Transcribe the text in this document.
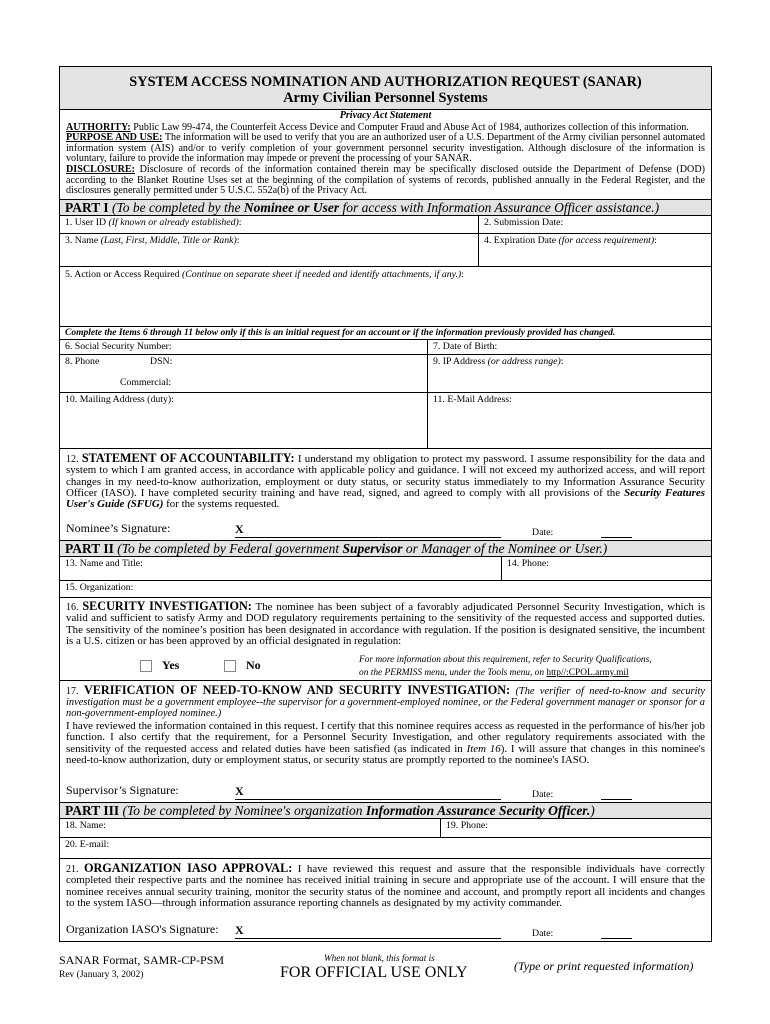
SYSTEM ACCESS NOMINATION AND AUTHORIZATION REQUEST (SANAR)
Army Civilian Personnel Systems
Privacy Act Statement
AUTHORITY: Public Law 99-474, the Counterfeit Access Device and Computer Fraud and Abuse Act of 1984, authorizes collection of this information.
PURPOSE AND USE: The information will be used to verify that you are an authorized user of a U.S. Department of the Army civilian personnel automated information system (AIS) and/or to verify completion of your government personnel security investigation. Although disclosure of the information is voluntary, failure to provide the information may impede or prevent the processing of your SANAR.
DISCLOSURE: Disclosure of records of the information contained therein may be specifically disclosed outside the Department of Defense (DOD) according to the Blanket Routine Uses set at the beginning of the compilation of systems of records, published annually in the Federal Register, and the disclosures generally permitted under 5 U.S.C. 552a(b) of the Privacy Act.
PART I (To be completed by the Nominee or User for access with Information Assurance Officer assistance.)
1. User ID (If known or already established):	2. Submission Date:
3. Name (Last, First, Middle, Title or Rank):	4. Expiration Date (for access requirement):
5. Action or Access Required (Continue on separate sheet if needed and identify attachments, if any.):
Complete the Items 6 through 11 below only if this is an initial request for an account or if the information previously provided has changed.
6. Social Security Number:	7. Date of Birth:
8. Phone	DSN:
Commercial:
9. IP Address (or address range):
10. Mailing Address (duty):	11. E-Mail Address:
12. STATEMENT OF ACCOUNTABILITY: I understand my obligation to protect my password. I assume responsibility for the data and system to which I am granted access, in accordance with applicable policy and guidance. I will not exceed my authorized access, and will report changes in my need-to-know authorization, employment or duty status, or security status immediately to my Information Assurance Security Officer (IASO). I have completed security training and have read, signed, and agreed to comply with all provisions of the Security Features User's Guide (SFUG) for the systems requested.
Nominee’s Signature:	X	Date:
PART II (To be completed by Federal government Supervisor or Manager of the Nominee or User.)
13. Name and Title:	14. Phone:
15. Organization:
16. SECURITY INVESTIGATION: The nominee has been subject of a favorably adjudicated Personnel Security Investigation, which is valid and sufficient to satisfy Army and DOD regulatory requirements pertaining to the sensitivity of the requested access and supported duties. The sensitivity of the nominee’s position has been designated in accordance with regulation. If the position is designated sensitive, the incumbent is a U.S. citizen or has been approved by an official designated in regulation:
Yes	No	For more information about this requirement, refer to Security Qualifications,
on the PERMISS menu, under the Tools menu, on http//:CPOL.army.mil
17. VERIFICATION OF NEED-TO-KNOW AND SECURITY INVESTIGATION: (The verifier of need-to-know and security investigation must be a government employee--the supervisor for a government-employed nominee, or the Federal government manager or sponsor for a non-government-employed nominee.)
I have reviewed the information contained in this request. I certify that this nominee requires access as requested in the performance of his/her job function. I also certify that the requirement, for a Personnel Security Investigation, and other regulatory requirements associated with the sensitivity of the requested access and related duties have been satisfied (as indicated in Item 16). I will assure that changes in this nominee's need-to-know authorization, duty or employment status, or security status are promptly reported to the nominee's IASO.
Supervisor’s Signature:	X	Date:
PART III (To be completed by Nominee's organization Information Assurance Security Officer.)
18. Name:	19. Phone:
20. E-mail:
21. ORGANIZATION IASO APPROVAL: I have reviewed this request and assure that the responsible individuals have correctly completed their respective parts and the nominee has received initial training in secure and appropriate use of the account. I will ensure that the nominee receives annual security training, monitor the security status of the nominee and account, and promptly report all incidents and changes to the system IASO—through information assurance reporting channels as designated by my activity commander.
Organization IASO's Signature: X	Date:
SANAR Format, SAMR-CP-PSM
Rev (January 3, 2002)
When not blank, this format is
FOR OFFICIAL USE ONLY	(Type or print requested information)
